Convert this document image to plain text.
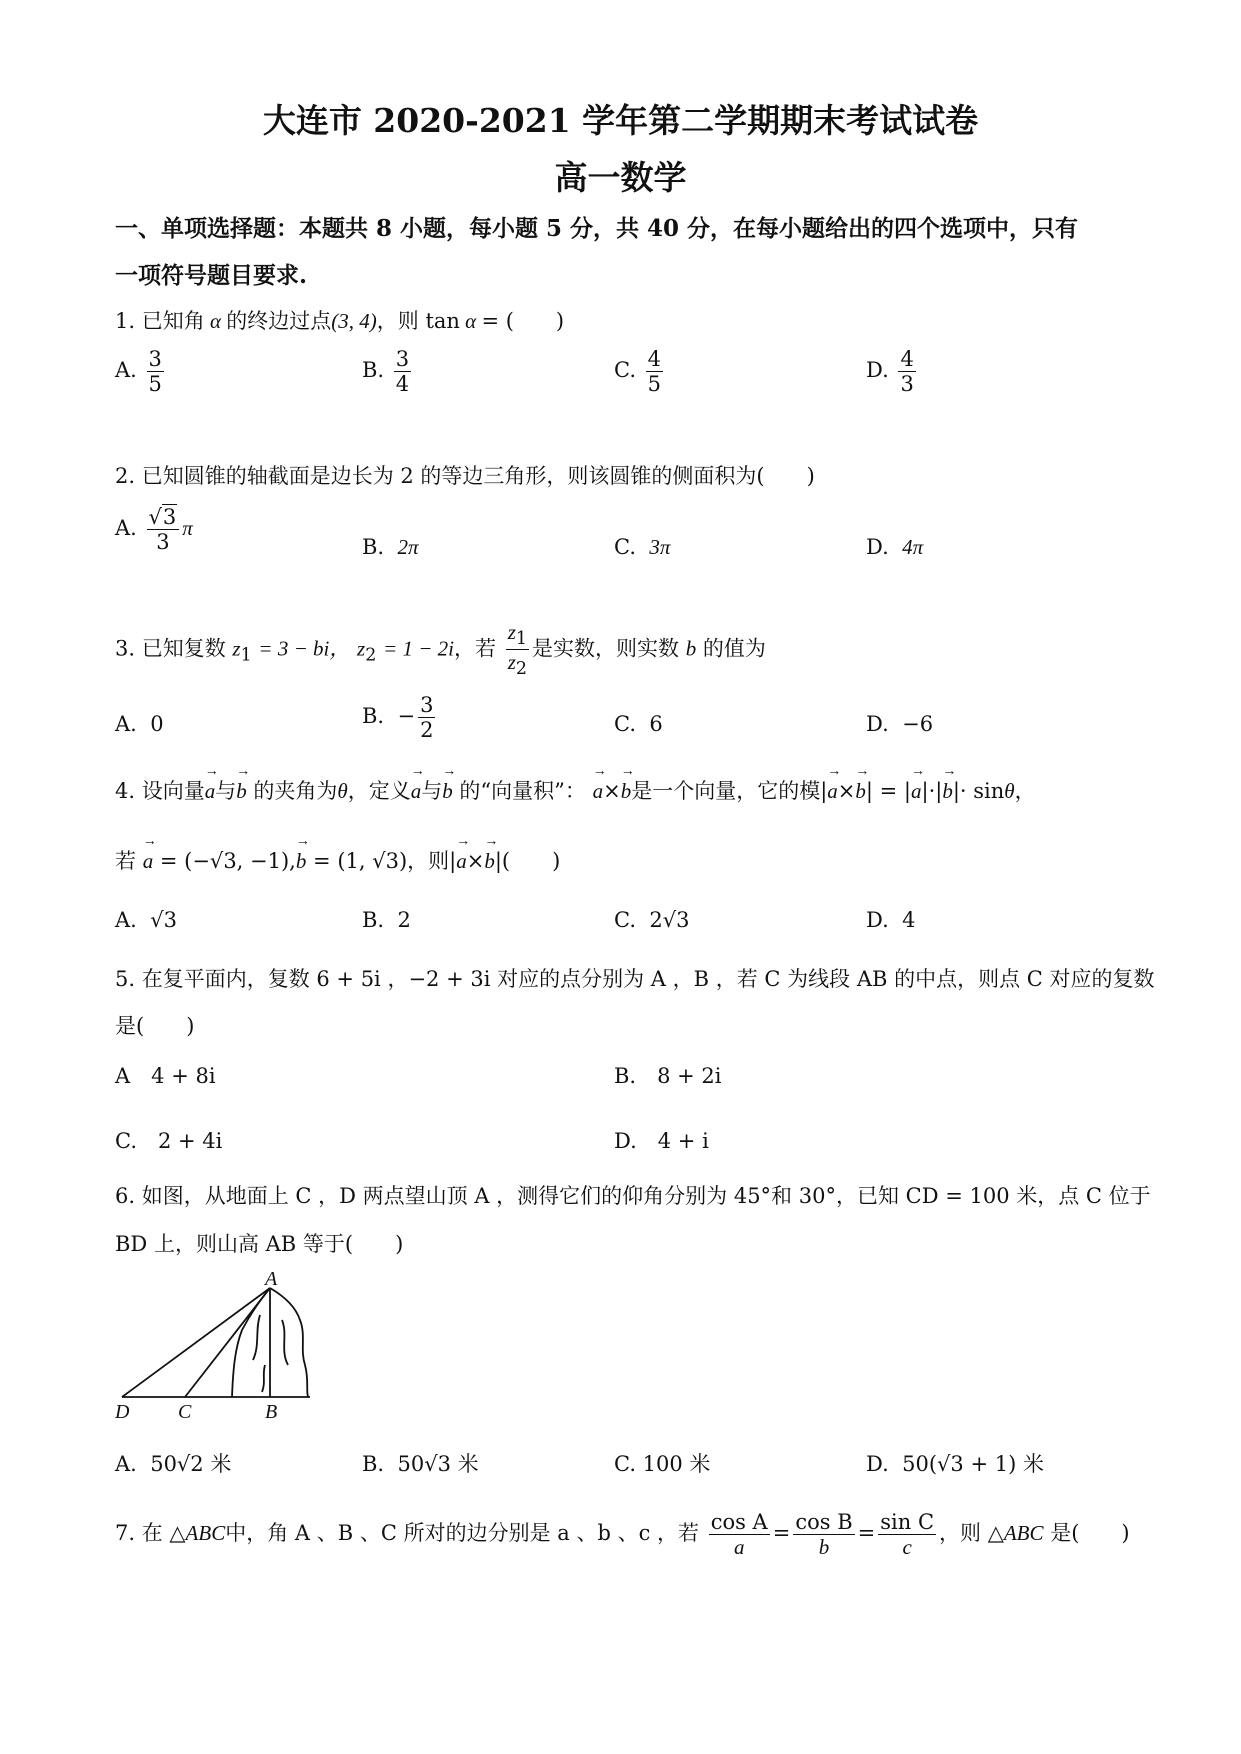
大连市 2020-2021 学年第二学期期末考试试卷
高一数学
一、单项选择题：本题共 8 小题，每小题 5 分，共 40 分，在每小题给出的四个选项中，只有
一项符号题目要求.
1. 已知角 α 的终边过点(3, 4)，则 tan α = (　　)
A. $\frac{3}{5}$	B. $\frac{3}{4}$	C. $\frac{4}{5}$	D. $\frac{4}{3}$
2. 已知圆锥的轴截面是边长为 2 的等边三角形，则该圆锥的侧面积为(　　)
A. $\frac{√3}{3}$ π
B.  2π	C.  3π	D.  4π
3. 已知复数 $z_1 = 3$ − bi， $z_2 = 1 - 2i$，若 $\frac{z_1}{z_2}$ 是实数，则实数 b 的值为
A.  0	B.  − $\frac{3}{2}$	C.  6	D.  −6
4. 设向量→ a与→ b 的夹角为θ，定义→ a与→ b 的“向量积”： → a×→ b是一个向量，它的模|→ a×→ b| = |→ a|·|→ b|· sinθ，
若 → a = (−√3, −1),→ b = (1, √3)，则|→ a×→ b|(　　)
A.  √3	B.  2	C.  2√3	D.  4
5. 在复平面内，复数 6 + 5i ，−2 + 3i 对应的点分别为 A ，B ，若 C 为线段 AB 的中点，则点 C 对应的复数
是(　　)
A　4 + 8i	B.　8 + 2i
C.　2 + 4i	D.　4 + i
6. 如图，从地面上 C ，D 两点望山顶 A ，测得它们的仰角分别为 45°和 30°，已知 CD = 100 米，点 C 位于
BD 上，则山高 AB 等于(　　)
A
B
C
D
A.  50√2 米	B.  50√3 米	C. 100 米	D.  50(√3 + 1) 米
7. 在 △ABC中，角 A 、B 、C 所对的边分别是 a 、b 、c ，若 $\frac{\text{cos A}}{a} = \frac{\text{cos B}}{b} = \frac{\text{sin C}}{c}$ ，则 △ABC 是(　　)
